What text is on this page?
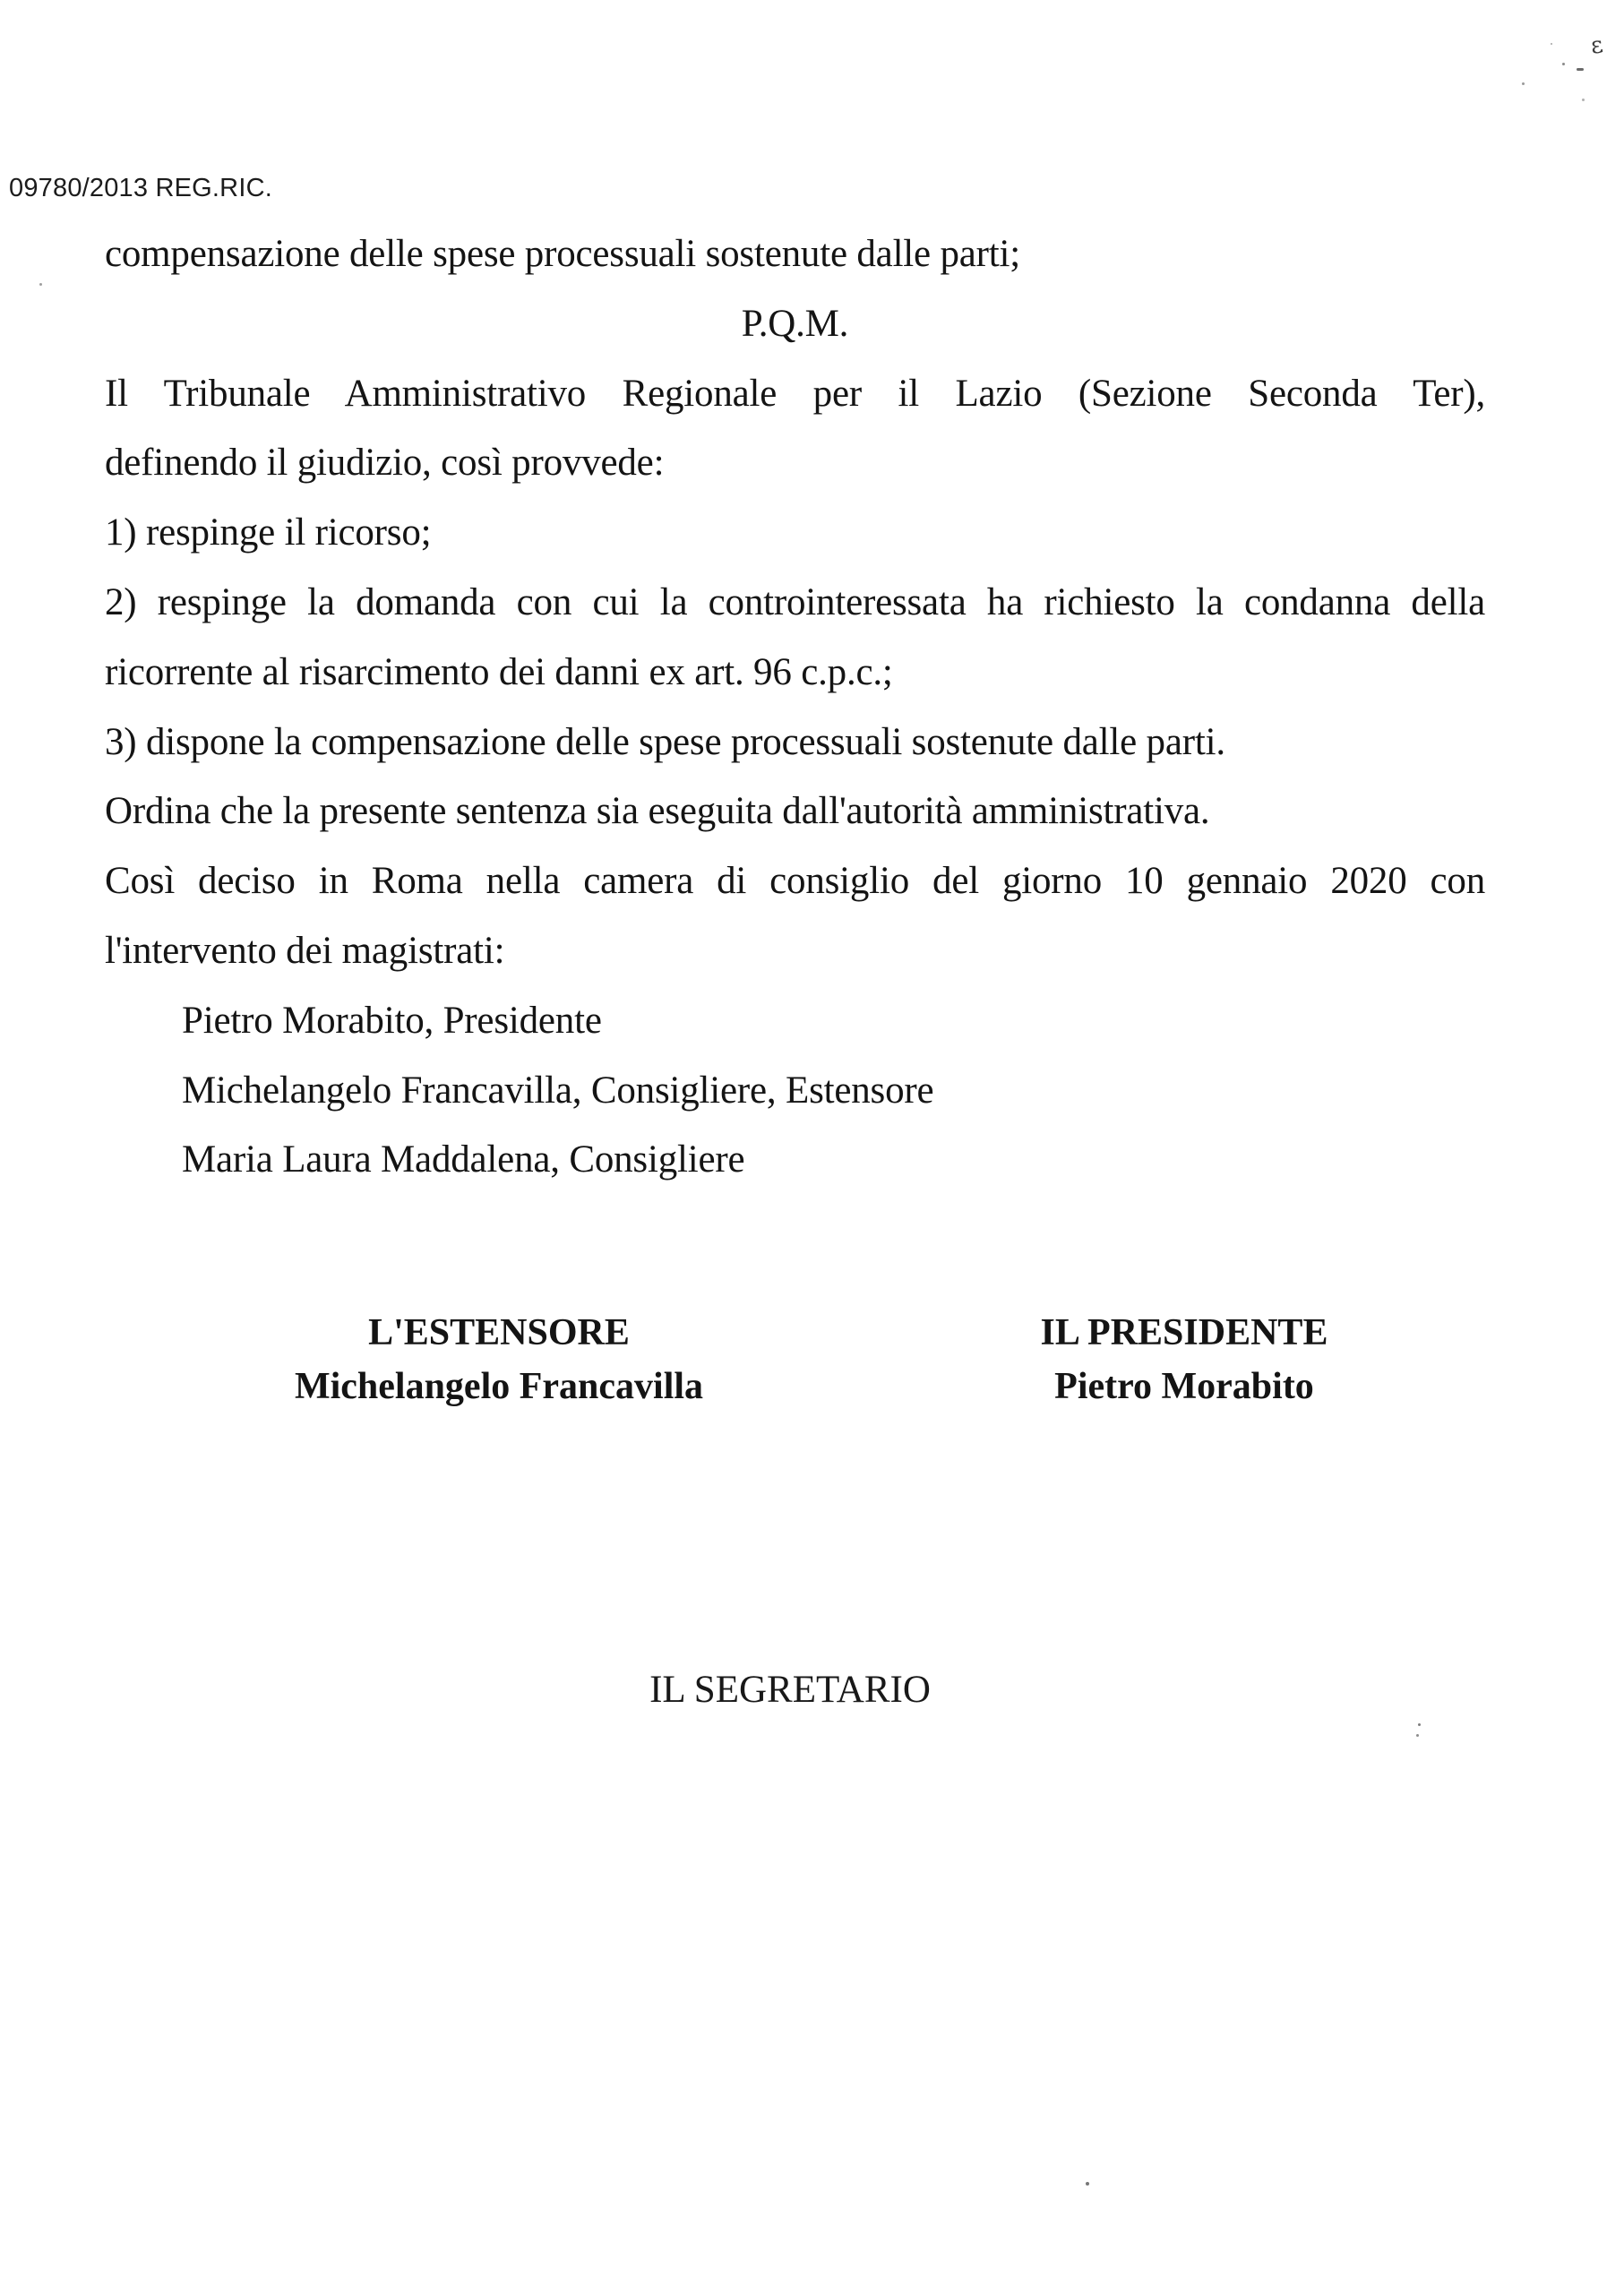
09780/2013 REG.RIC.
compensazione delle spese processuali sostenute dalle parti;
P.Q.M.
Il Tribunale Amministrativo Regionale per il Lazio (Sezione Seconda Ter),
definendo il giudizio, così provvede:
1) respinge il ricorso;
2) respinge la domanda con cui la controinteressata ha richiesto la condanna della
ricorrente al risarcimento dei danni ex art. 96 c.p.c.;
3) dispone la compensazione delle spese processuali sostenute dalle parti.
Ordina che la presente sentenza sia eseguita dall'autorità amministrativa.
Così deciso in Roma nella camera di consiglio del giorno 10 gennaio 2020 con
l'intervento dei magistrati:
Pietro Morabito, Presidente
Michelangelo Francavilla, Consigliere, Estensore
Maria Laura Maddalena, Consigliere
L'ESTENSORE
Michelangelo Francavilla
IL PRESIDENTE
Pietro Morabito
IL SEGRETARIO
ε
